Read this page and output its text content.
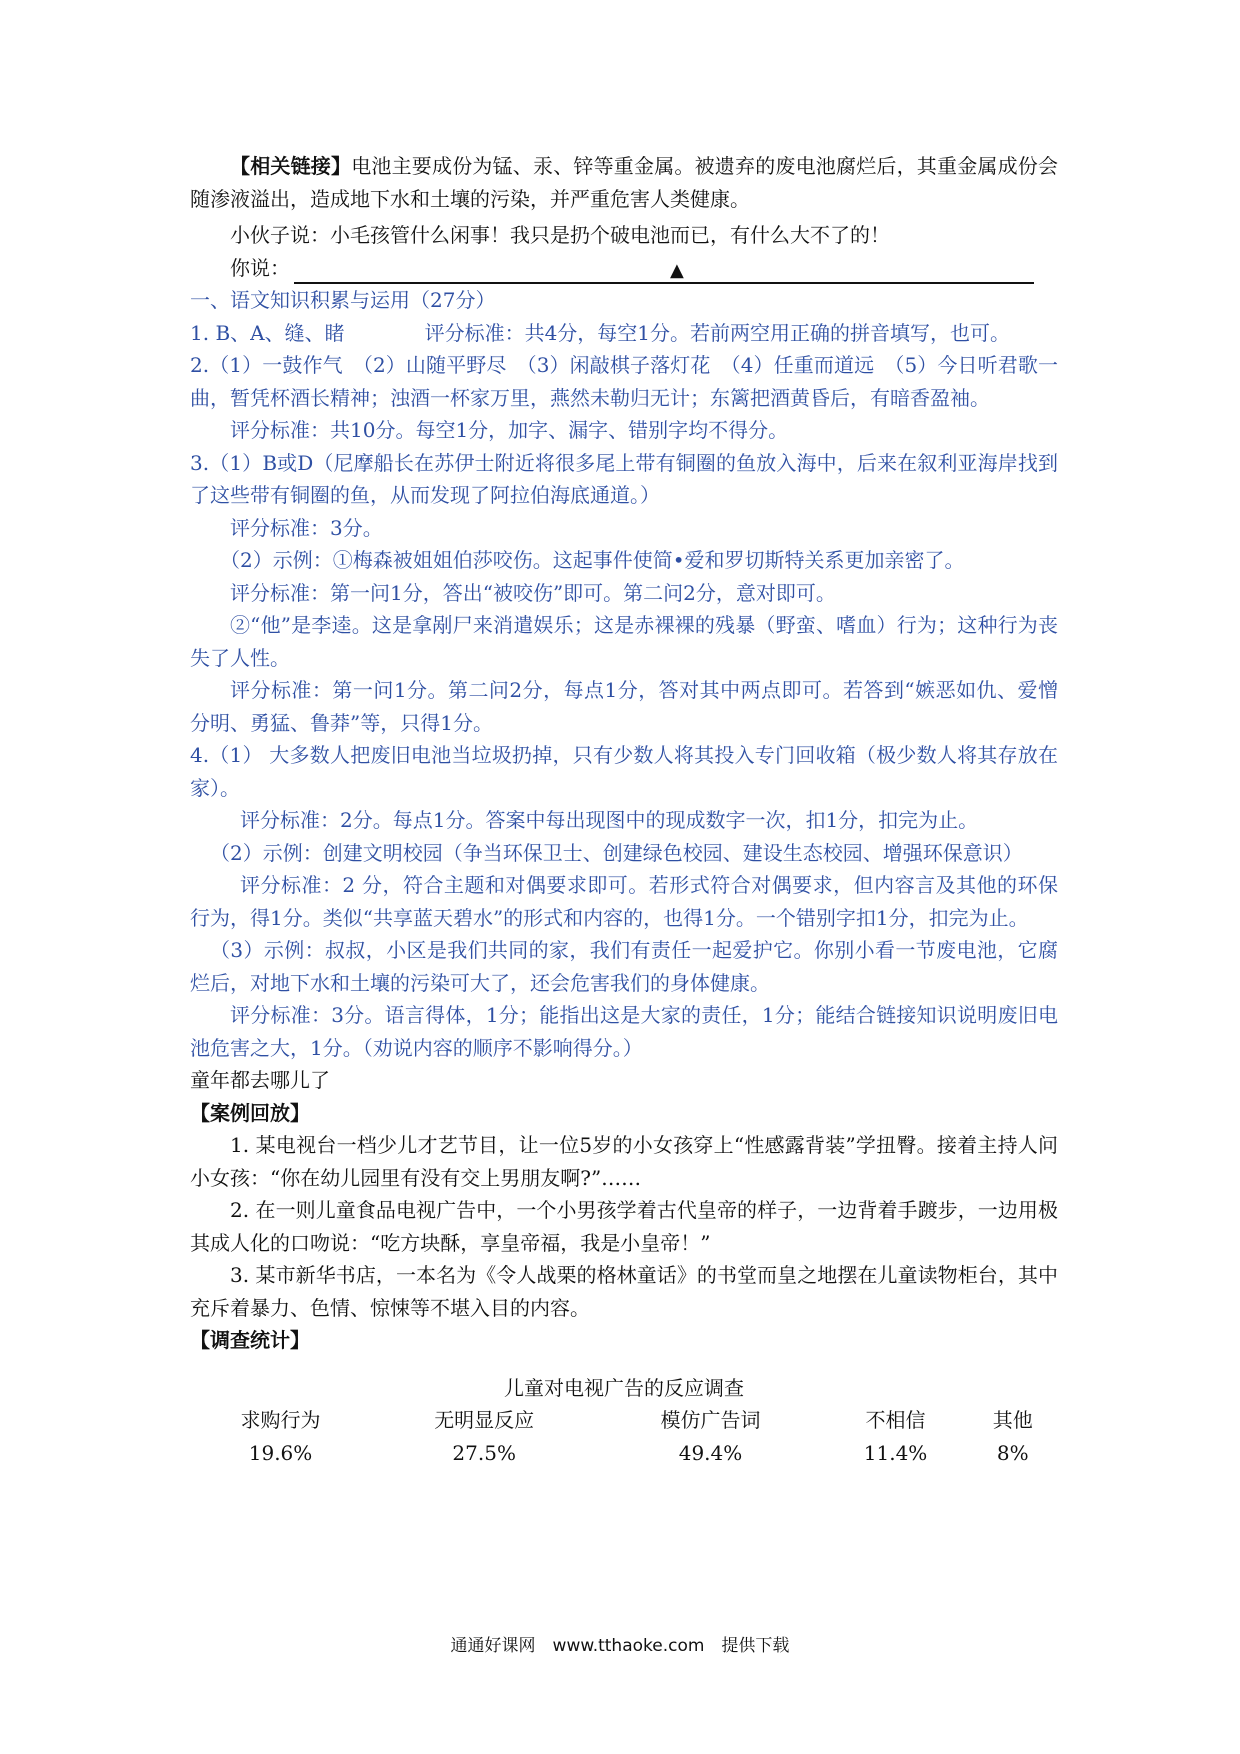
【相关链接】电池主要成份为锰、汞、锌等重金属。被遗弃的废电池腐烂后，其重金属成份会随渗液溢出，造成地下水和土壤的污染，并严重危害人类健康。

小伙子说：小毛孩管什么闲事！我只是扔个破电池而已，有什么大不了的！

你说：	▲

一、语文知识积累与运用（27分）

1. B、A、缝、睹　　　　评分标准：共4分，每空1分。若前两空用正确的拼音填写，也可。

2.（1）一鼓作气　（2）山随平野尽　（3）闲敲棋子落灯花　（4）任重而道远　（5）今日听君歌一曲，暂凭杯酒长精神；浊酒一杯家万里，燕然未勒归无计；东篱把酒黄昏后，有暗香盈袖。

评分标准：共10分。每空1分，加字、漏字、错别字均不得分。

3.（1）B或D（尼摩船长在苏伊士附近将很多尾上带有铜圈的鱼放入海中，后来在叙利亚海岸找到了这些带有铜圈的鱼，从而发现了阿拉伯海底通道。）

评分标准：3分。

（2）示例：①梅森被姐姐伯莎咬伤。这起事件使简•爱和罗切斯特关系更加亲密了。

评分标准：第一问1分，答出“被咬伤”即可。第二问2分，意对即可。

②“他”是李逵。这是拿剐尸来消遣娱乐；这是赤裸裸的残暴（野蛮、嗜血）行为；这种行为丧失了人性。

评分标准：第一问1分。第二问2分，每点1分，答对其中两点即可。若答到“嫉恶如仇、爱憎分明、勇猛、鲁莽”等，只得1分。

4.（1） 大多数人把废旧电池当垃圾扔掉，只有少数人将其投入专门回收箱（极少数人将其存放在家）。

评分标准：2分。每点1分。答案中每出现图中的现成数字一次，扣1分，扣完为止。

（2）示例：创建文明校园（争当环保卫士、创建绿色校园、建设生态校园、增强环保意识）

评分标准：2 分，符合主题和对偶要求即可。若形式符合对偶要求，但内容言及其他的环保行为，得1分。类似“共享蓝天碧水”的形式和内容的，也得1分。一个错别字扣1分，扣完为止。

（3）示例：叔叔，小区是我们共同的家，我们有责任一起爱护它。你别小看一节废电池，它腐烂后，对地下水和土壤的污染可大了，还会危害我们的身体健康。

评分标准：3分。语言得体，1分；能指出这是大家的责任，1分；能结合链接知识说明废旧电池危害之大，1分。（劝说内容的顺序不影响得分。）

童年都去哪儿了

【案例回放】

1. 某电视台一档少儿才艺节目，让一位5岁的小女孩穿上“性感露背装”学扭臀。接着主持人问小女孩：“你在幼儿园里有没有交上男朋友啊?”……

2. 在一则儿童食品电视广告中，一个小男孩学着古代皇帝的样子，一边背着手踱步，一边用极其成人化的口吻说：“吃方块酥，享皇帝福，我是小皇帝！”

3. 某市新华书店，一本名为《令人战栗的格林童话》的书堂而皇之地摆在儿童读物柜台，其中充斥着暴力、色情、惊悚等不堪入目的内容。

【调查统计】

儿童对电视广告的反应调查
求购行为	无明显反应	模仿广告词	不相信	其他
19.6%	27.5%	49.4%	11.4%	8%
通通好课网　www.tthaoke.com　提供下载
